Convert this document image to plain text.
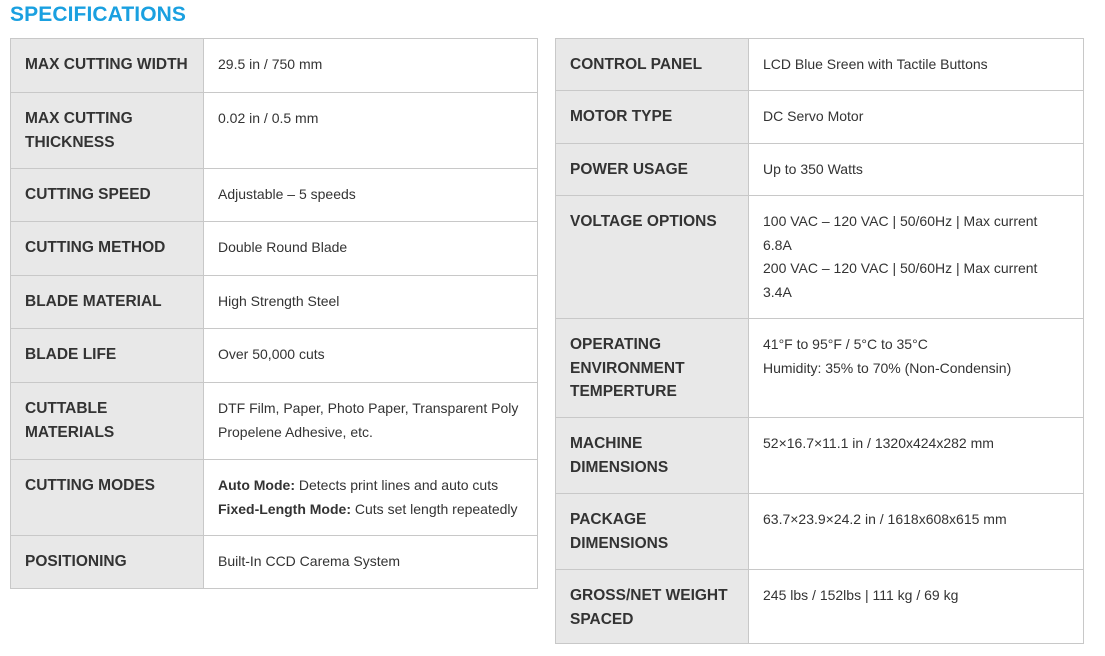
SPECIFICATIONS
MAX CUTTING WIDTH	29.5 in / 750 mm
MAX CUTTING THICKNESS	0.02 in / 0.5 mm
CUTTING SPEED	Adjustable – 5 speeds
CUTTING METHOD	Double Round Blade
BLADE MATERIAL	High Strength Steel
BLADE LIFE	Over 50,000 cuts
CUTTABLE MATERIALS	DTF Film, Paper, Photo Paper, Transparent Poly Propelene Adhesive, etc.
CUTTING MODES	Auto Mode: Detects print lines and auto cuts
Fixed-Length Mode: Cuts set length repeatedly

POSITIONING	Built-In CCD Carema System
CONTROL PANEL	LCD Blue Sreen with Tactile Buttons
MOTOR TYPE	DC Servo Motor
POWER USAGE	Up to 350 Watts
VOLTAGE OPTIONS	100 VAC – 120 VAC | 50/60Hz | Max current 6.8A
200 VAC – 120 VAC | 50/60Hz | Max current 3.4A

OPERATING ENVIRONMENT TEMPERTURE	41°F to 95°F / 5°C to 35°C
Humidity: 35% to 70% (Non-Condensin)

MACHINE DIMENSIONS	52×16.7×11.1 in / 1320x424x282 mm
PACKAGE DIMENSIONS	63.7×23.9×24.2 in / 1618x608x615 mm
GROSS/NET WEIGHT SPACED	245 lbs / 152lbs | 111 kg / 69 kg
